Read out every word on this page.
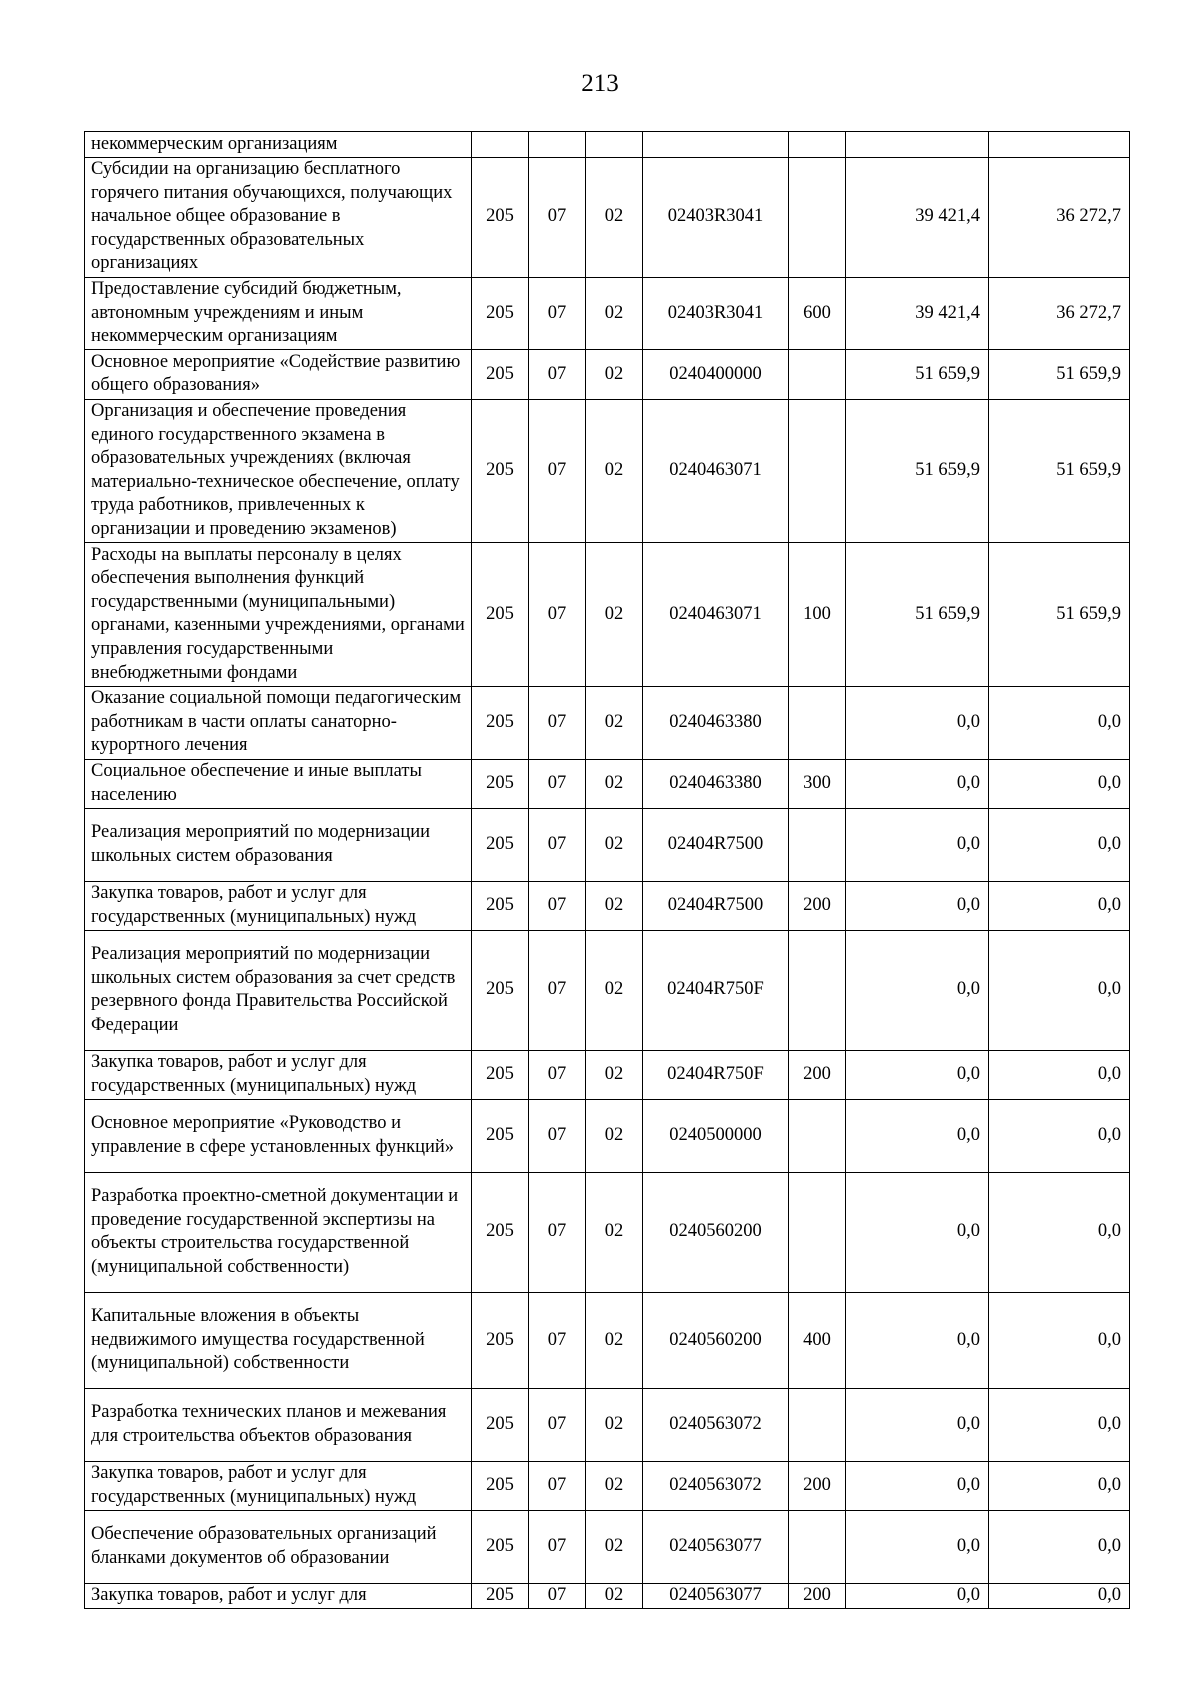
213
некоммерческим организациям							
Субсидии на организацию бесплатного горячего питания обучающихся, получающих начальное общее образование в государственных образовательных организациях	205	07	02	02403R3041		39 421,4	36 272,7
Предоставление субсидий бюджетным, автономным учреждениям и иным некоммерческим организациям	205	07	02	02403R3041	600	39 421,4	36 272,7
Основное мероприятие «Содействие развитию общего образования»	205	07	02	0240400000		51 659,9	51 659,9
Организация и обеспечение проведения единого государственного экзамена в образовательных учреждениях (включая материально-техническое обеспечение, оплату труда работников, привлеченных к организации и проведению экзаменов)	205	07	02	0240463071		51 659,9	51 659,9
Расходы на выплаты персоналу в целях обеспечения выполнения функций государственными (муниципальными) органами, казенными учреждениями, органами управления государственными внебюджетными фондами	205	07	02	0240463071	100	51 659,9	51 659,9
Оказание социальной помощи педагогическим работникам в части оплаты санаторно-курортного лечения	205	07	02	0240463380		0,0	0,0
Социальное обеспечение и иные выплаты населению	205	07	02	0240463380	300	0,0	0,0
Реализация мероприятий по модернизации школьных систем образования	205	07	02	02404R7500		0,0	0,0
Закупка товаров, работ и услуг для государственных (муниципальных) нужд	205	07	02	02404R7500	200	0,0	0,0
Реализация мероприятий по модернизации школьных систем образования за счет средств резервного фонда Правительства Российской Федерации	205	07	02	02404R750F		0,0	0,0
Закупка товаров, работ и услуг для государственных (муниципальных) нужд	205	07	02	02404R750F	200	0,0	0,0
Основное мероприятие «Руководство и управление в сфере установленных функций»	205	07	02	0240500000		0,0	0,0
Разработка проектно-сметной документации и проведение государственной экспертизы на объекты строительства государственной (муниципальной собственности)	205	07	02	0240560200		0,0	0,0
Капитальные вложения в объекты недвижимого имущества государственной (муниципальной) собственности	205	07	02	0240560200	400	0,0	0,0
Разработка технических планов и межевания для строительства объектов образования	205	07	02	0240563072		0,0	0,0
Закупка товаров, работ и услуг для государственных (муниципальных) нужд	205	07	02	0240563072	200	0,0	0,0
Обеспечение образовательных организаций бланками документов об образовании	205	07	02	0240563077		0,0	0,0
Закупка товаров, работ и услуг для	205	07	02	0240563077	200	0,0	0,0
